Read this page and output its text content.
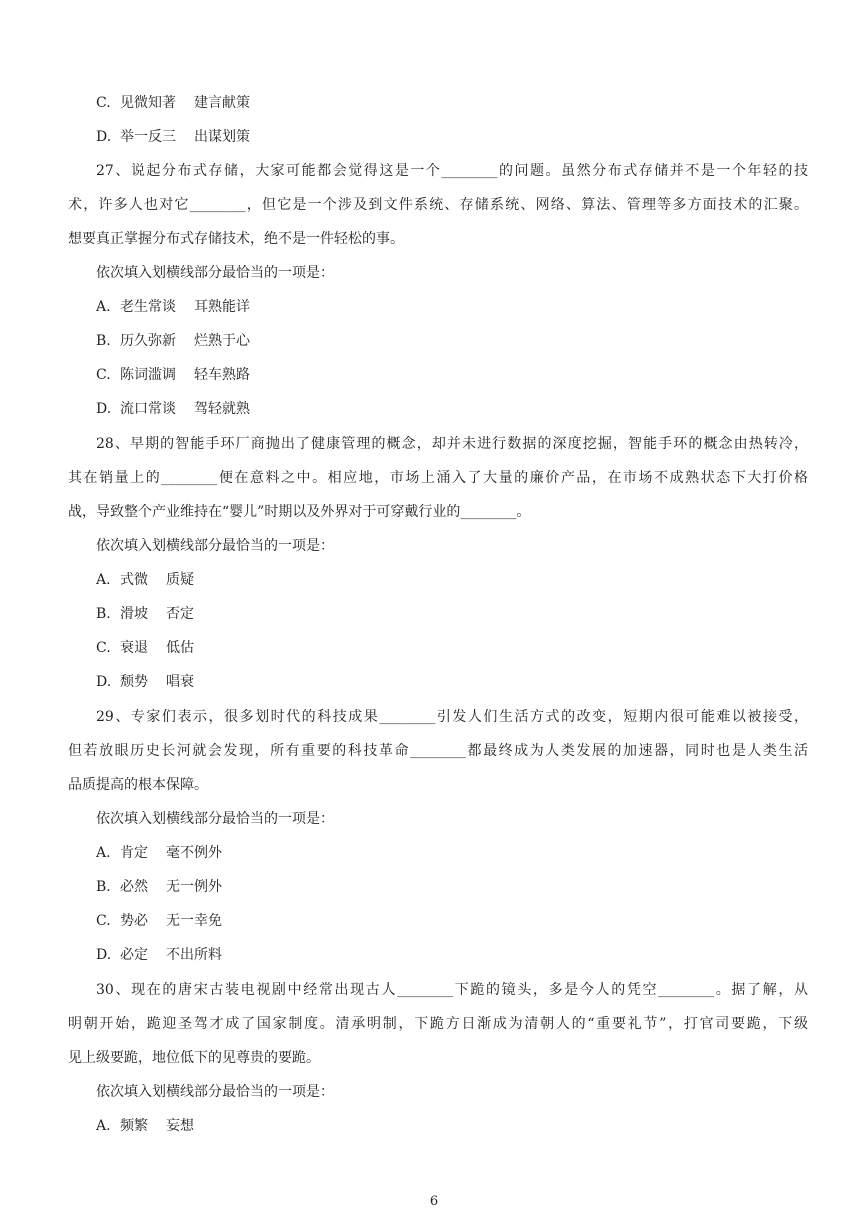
C. 见微知著 建言献策
D. 举一反三 出谋划策
27、说起分布式存储，大家可能都会觉得这是一个________的问题。虽然分布式存储并不是一个年轻的技
术，许多人也对它________，但它是一个涉及到文件系统、存储系统、网络、算法、管理等多方面技术的汇聚。
想要真正掌握分布式存储技术，绝不是一件轻松的事。
依次填入划横线部分最恰当的一项是：
A. 老生常谈 耳熟能详
B. 历久弥新 烂熟于心
C. 陈词滥调 轻车熟路
D. 流口常谈 驾轻就熟
28、早期的智能手环厂商抛出了健康管理的概念，却并未进行数据的深度挖掘，智能手环的概念由热转冷，
其在销量上的________便在意料之中。相应地，市场上涌入了大量的廉价产品，在市场不成熟状态下大打价格
战，导致整个产业维持在“婴儿”时期以及外界对于可穿戴行业的________。
依次填入划横线部分最恰当的一项是：
A. 式微 质疑
B. 滑坡 否定
C. 衰退 低估
D. 颓势 唱衰
29、专家们表示，很多划时代的科技成果________引发人们生活方式的改变，短期内很可能难以被接受，
但若放眼历史长河就会发现，所有重要的科技革命________都最终成为人类发展的加速器，同时也是人类生活
品质提高的根本保障。
依次填入划横线部分最恰当的一项是：
A. 肯定 毫不例外
B. 必然 无一例外
C. 势必 无一幸免
D. 必定 不出所料
30、现在的唐宋古装电视剧中经常出现古人________下跪的镜头，多是今人的凭空________。据了解，从
明朝开始，跪迎圣驾才成了国家制度。清承明制，下跪方日渐成为清朝人的“重要礼节”，打官司要跪，下级
见上级要跪，地位低下的见尊贵的要跪。
依次填入划横线部分最恰当的一项是：
A. 频繁 妄想
6
